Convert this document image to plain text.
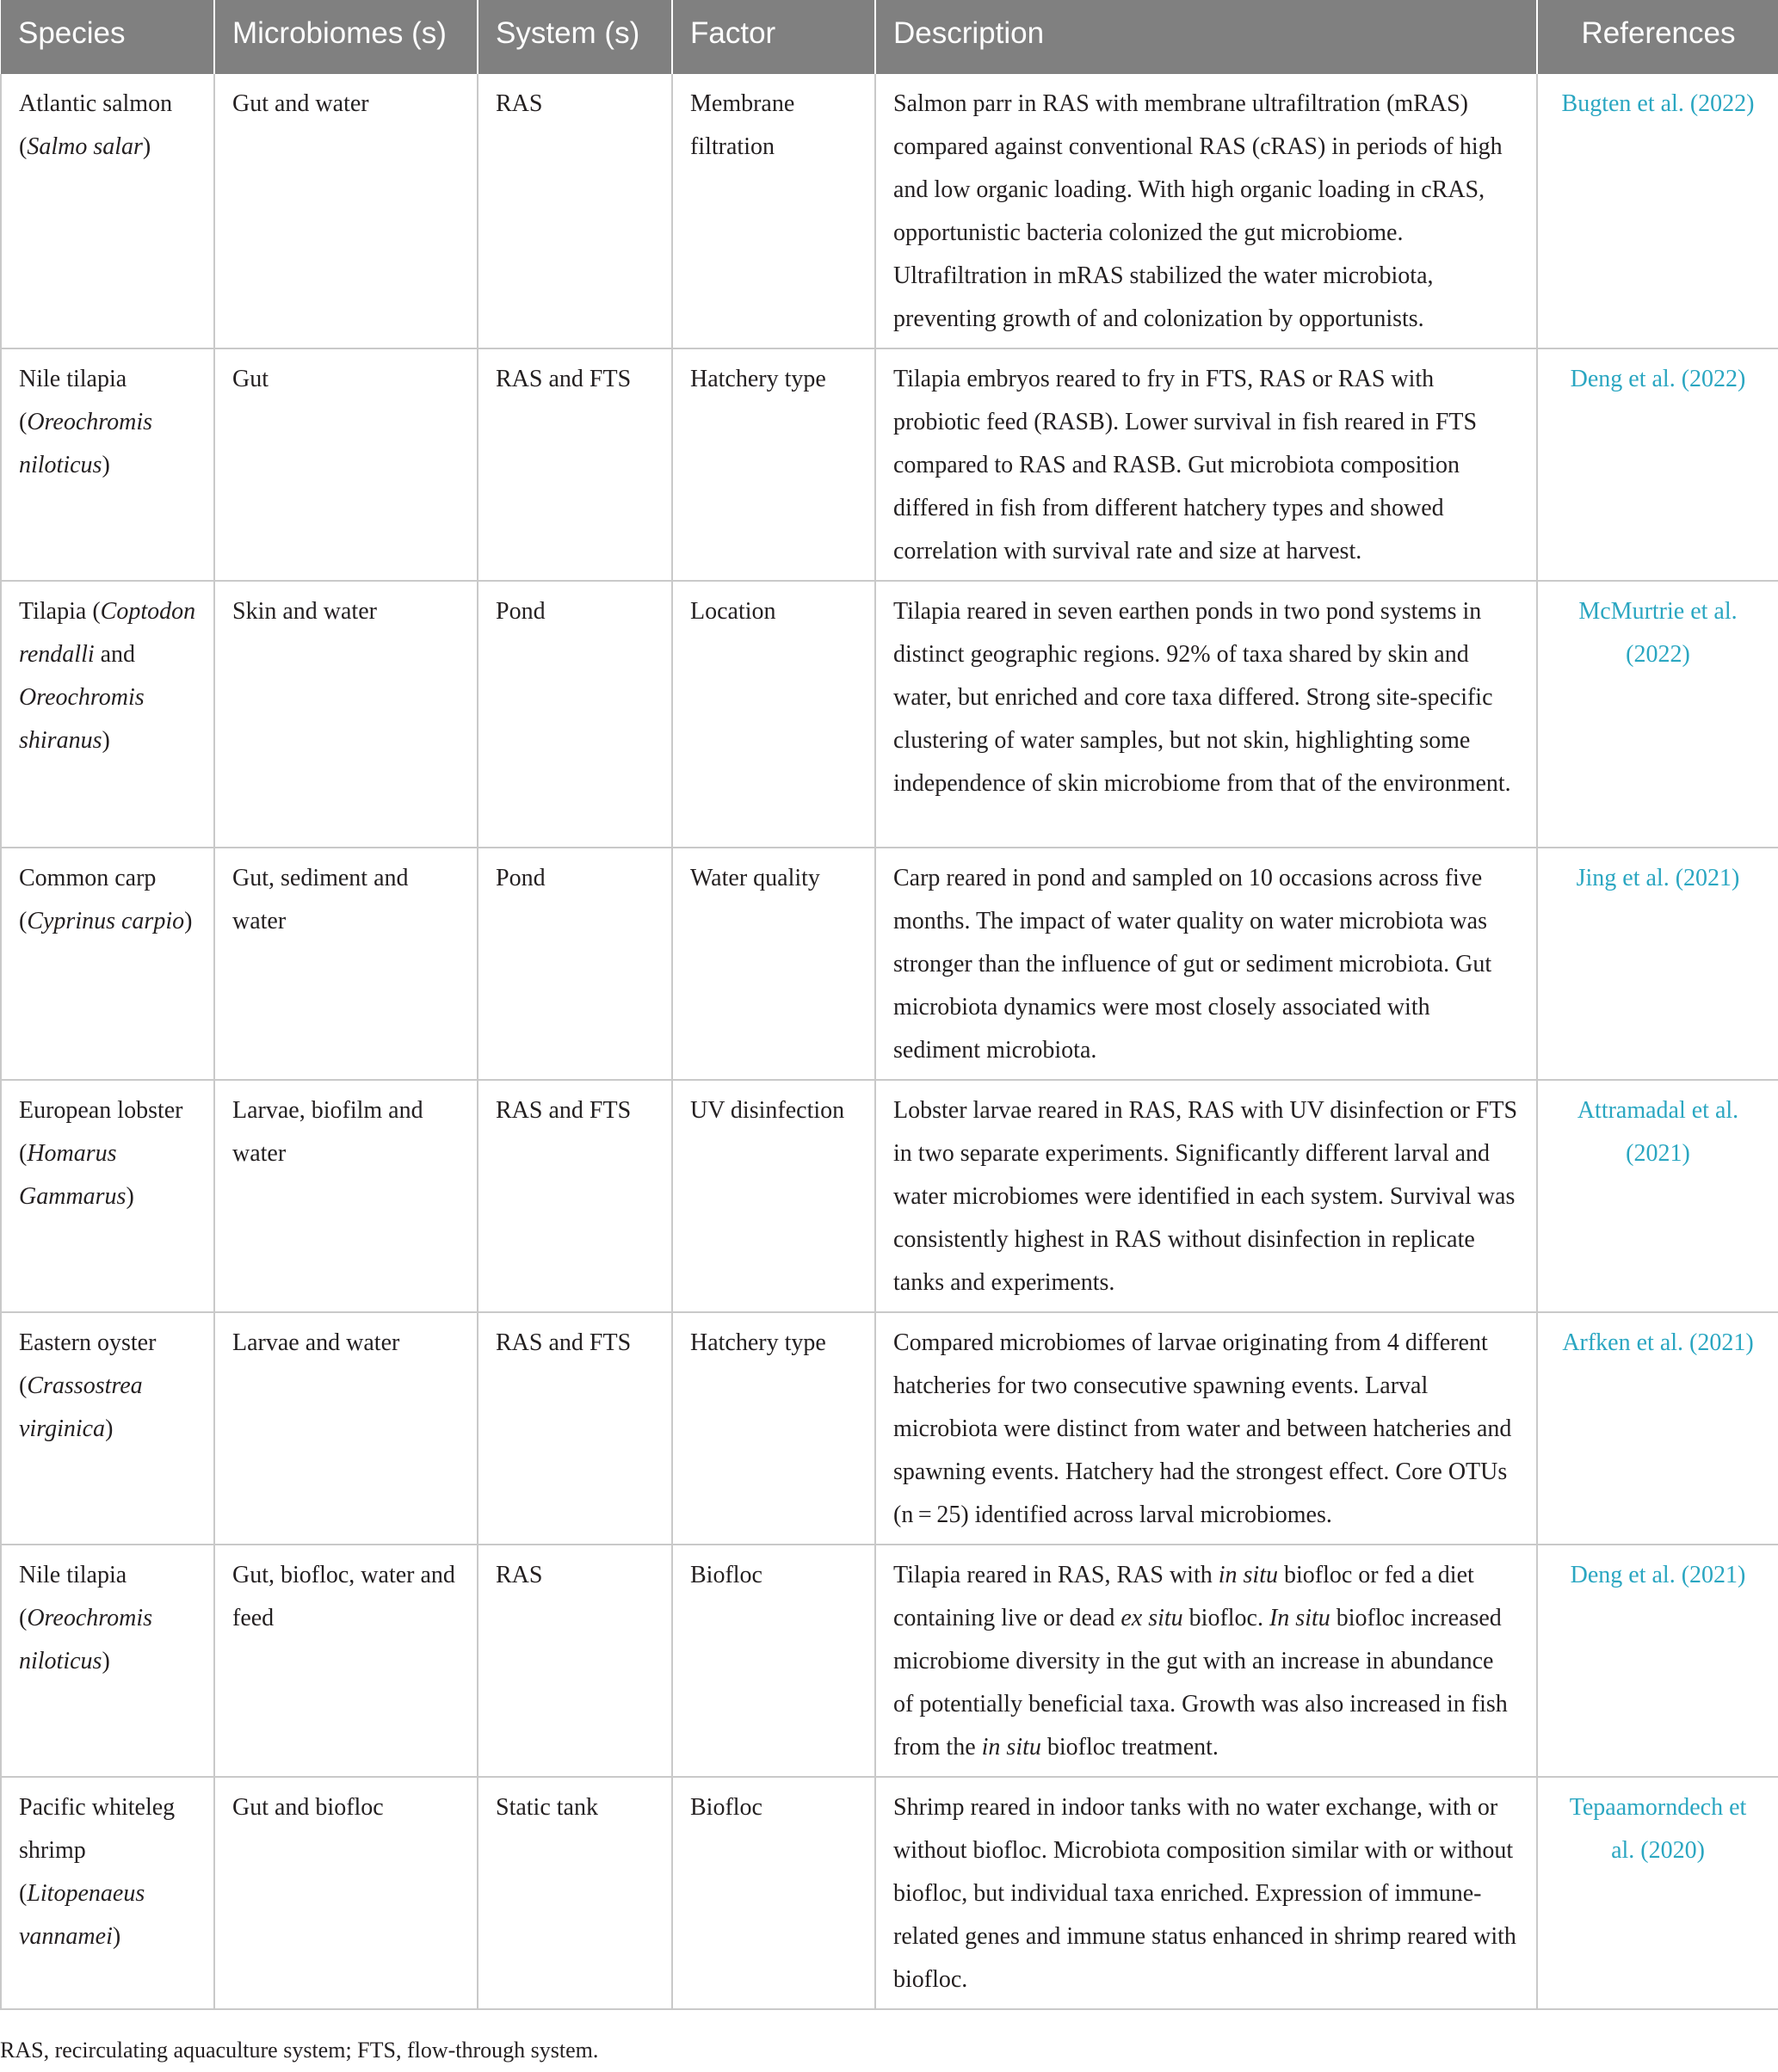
Species	Microbiomes (s)	System (s)	Factor	Description	References
Atlantic salmon (Salmo salar)	Gut and water	RAS	Membrane filtration	Salmon parr in RAS with membrane ultrafiltration (mRAS) compared against conventional RAS (cRAS) in periods of high and low organic loading. With high organic loading in cRAS, opportunistic bacteria colonized the gut microbiome. Ultrafiltration in mRAS stabilized the water microbiota, preventing growth of and colonization by opportunists.	Bugten et al. (2022)
Nile tilapia (Oreochromis niloticus)	Gut	RAS and FTS	Hatchery type	Tilapia embryos reared to fry in FTS, RAS or RAS with probiotic feed (RASB). Lower survival in fish reared in FTS compared to RAS and RASB. Gut microbiota composition differed in fish from different hatchery types and showed correlation with survival rate and size at harvest.	Deng et al. (2022)
Tilapia (Coptodon rendalli and Oreochromis shiranus)	Skin and water	Pond	Location	Tilapia reared in seven earthen ponds in two pond systems in distinct geographic regions. 92% of taxa shared by skin and water, but enriched and core taxa differed. Strong site-specific clustering of water samples, but not skin, highlighting some independence of skin microbiome from that of the environment.	McMurtrie et al. (2022)
Common carp (Cyprinus carpio)	Gut, sediment and water	Pond	Water quality	Carp reared in pond and sampled on 10 occasions across five months. The impact of water quality on water microbiota was stronger than the influence of gut or sediment microbiota. Gut microbiota dynamics were most closely associated with sediment microbiota.	Jing et al. (2021)
European lobster (Homarus Gammarus)	Larvae, biofilm and water	RAS and FTS	UV disinfection	Lobster larvae reared in RAS, RAS with UV disinfection or FTS in two separate experiments. Significantly different larval and water microbiomes were identified in each system. Survival was consistently highest in RAS without disinfection in replicate tanks and experiments.	Attramadal et al. (2021)
Eastern oyster (Crassostrea virginica)	Larvae and water	RAS and FTS	Hatchery type	Compared microbiomes of larvae originating from 4 different hatcheries for two consecutive spawning events. Larval microbiota were distinct from water and between hatcheries and spawning events. Hatchery had the strongest effect. Core OTUs (n = 25) identified across larval microbiomes.	Arfken et al. (2021)
Nile tilapia (Oreochromis niloticus)	Gut, biofloc, water and feed	RAS	Biofloc	Tilapia reared in RAS, RAS with in situ biofloc or fed a diet containing live or dead ex situ biofloc. In situ biofloc increased microbiome diversity in the gut with an increase in abundance of potentially beneficial taxa. Growth was also increased in fish from the in situ biofloc treatment.	Deng et al. (2021)
Pacific whiteleg shrimp (Litopenaeus vannamei)	Gut and biofloc	Static tank	Biofloc	Shrimp reared in indoor tanks with no water exchange, with or without biofloc. Microbiota composition similar with or without biofloc, but individual taxa enriched. Expression of immune-related genes and immune status enhanced in shrimp reared with biofloc.	Tepaamorndech et al. (2020)
RAS, recirculating aquaculture system; FTS, flow-through system.
